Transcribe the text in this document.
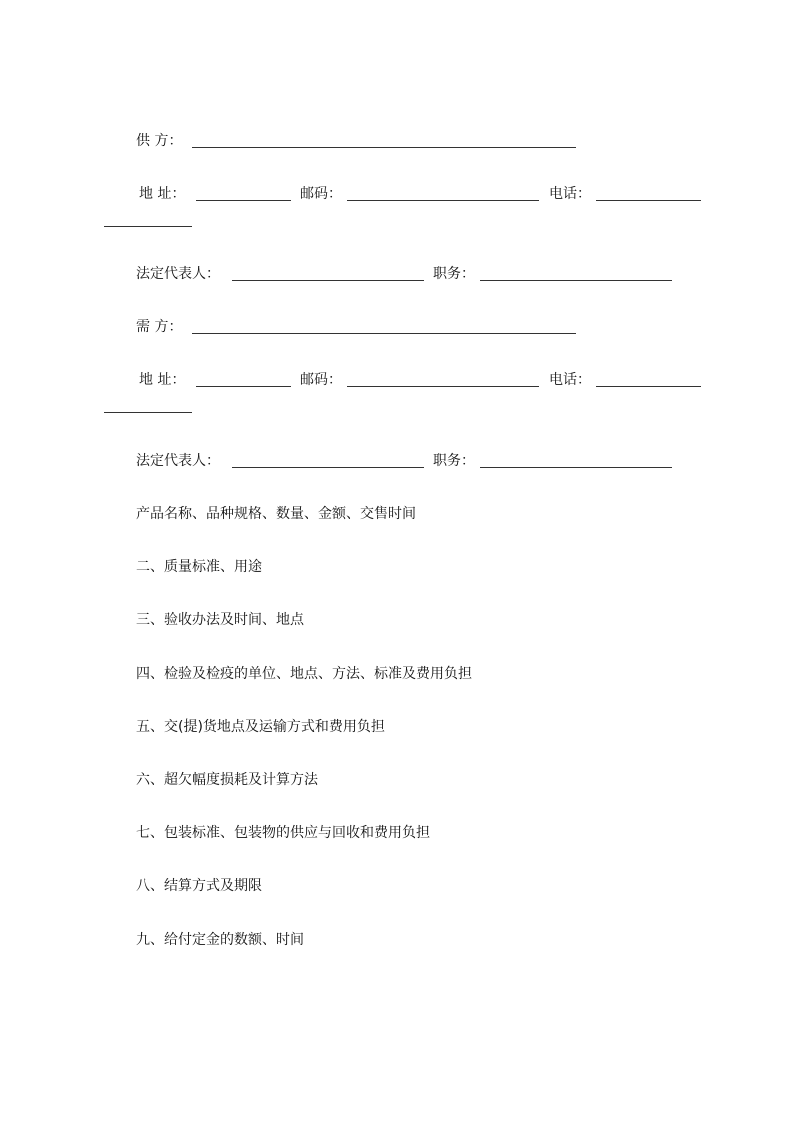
供 方：
地 址：	邮码：	电话：
法定代表人：	职务：
需 方：
地 址：	邮码：	电话：
法定代表人：	职务：
产品名称、品种规格、数量、金额、交售时间
二、质量标准、用途
三、验收办法及时间、地点
四、检验及检疫的单位、地点、方法、标准及费用负担
五、交(提)货地点及运输方式和费用负担
六、超欠幅度损耗及计算方法
七、包装标准、包装物的供应与回收和费用负担
八、结算方式及期限
九、给付定金的数额、时间
